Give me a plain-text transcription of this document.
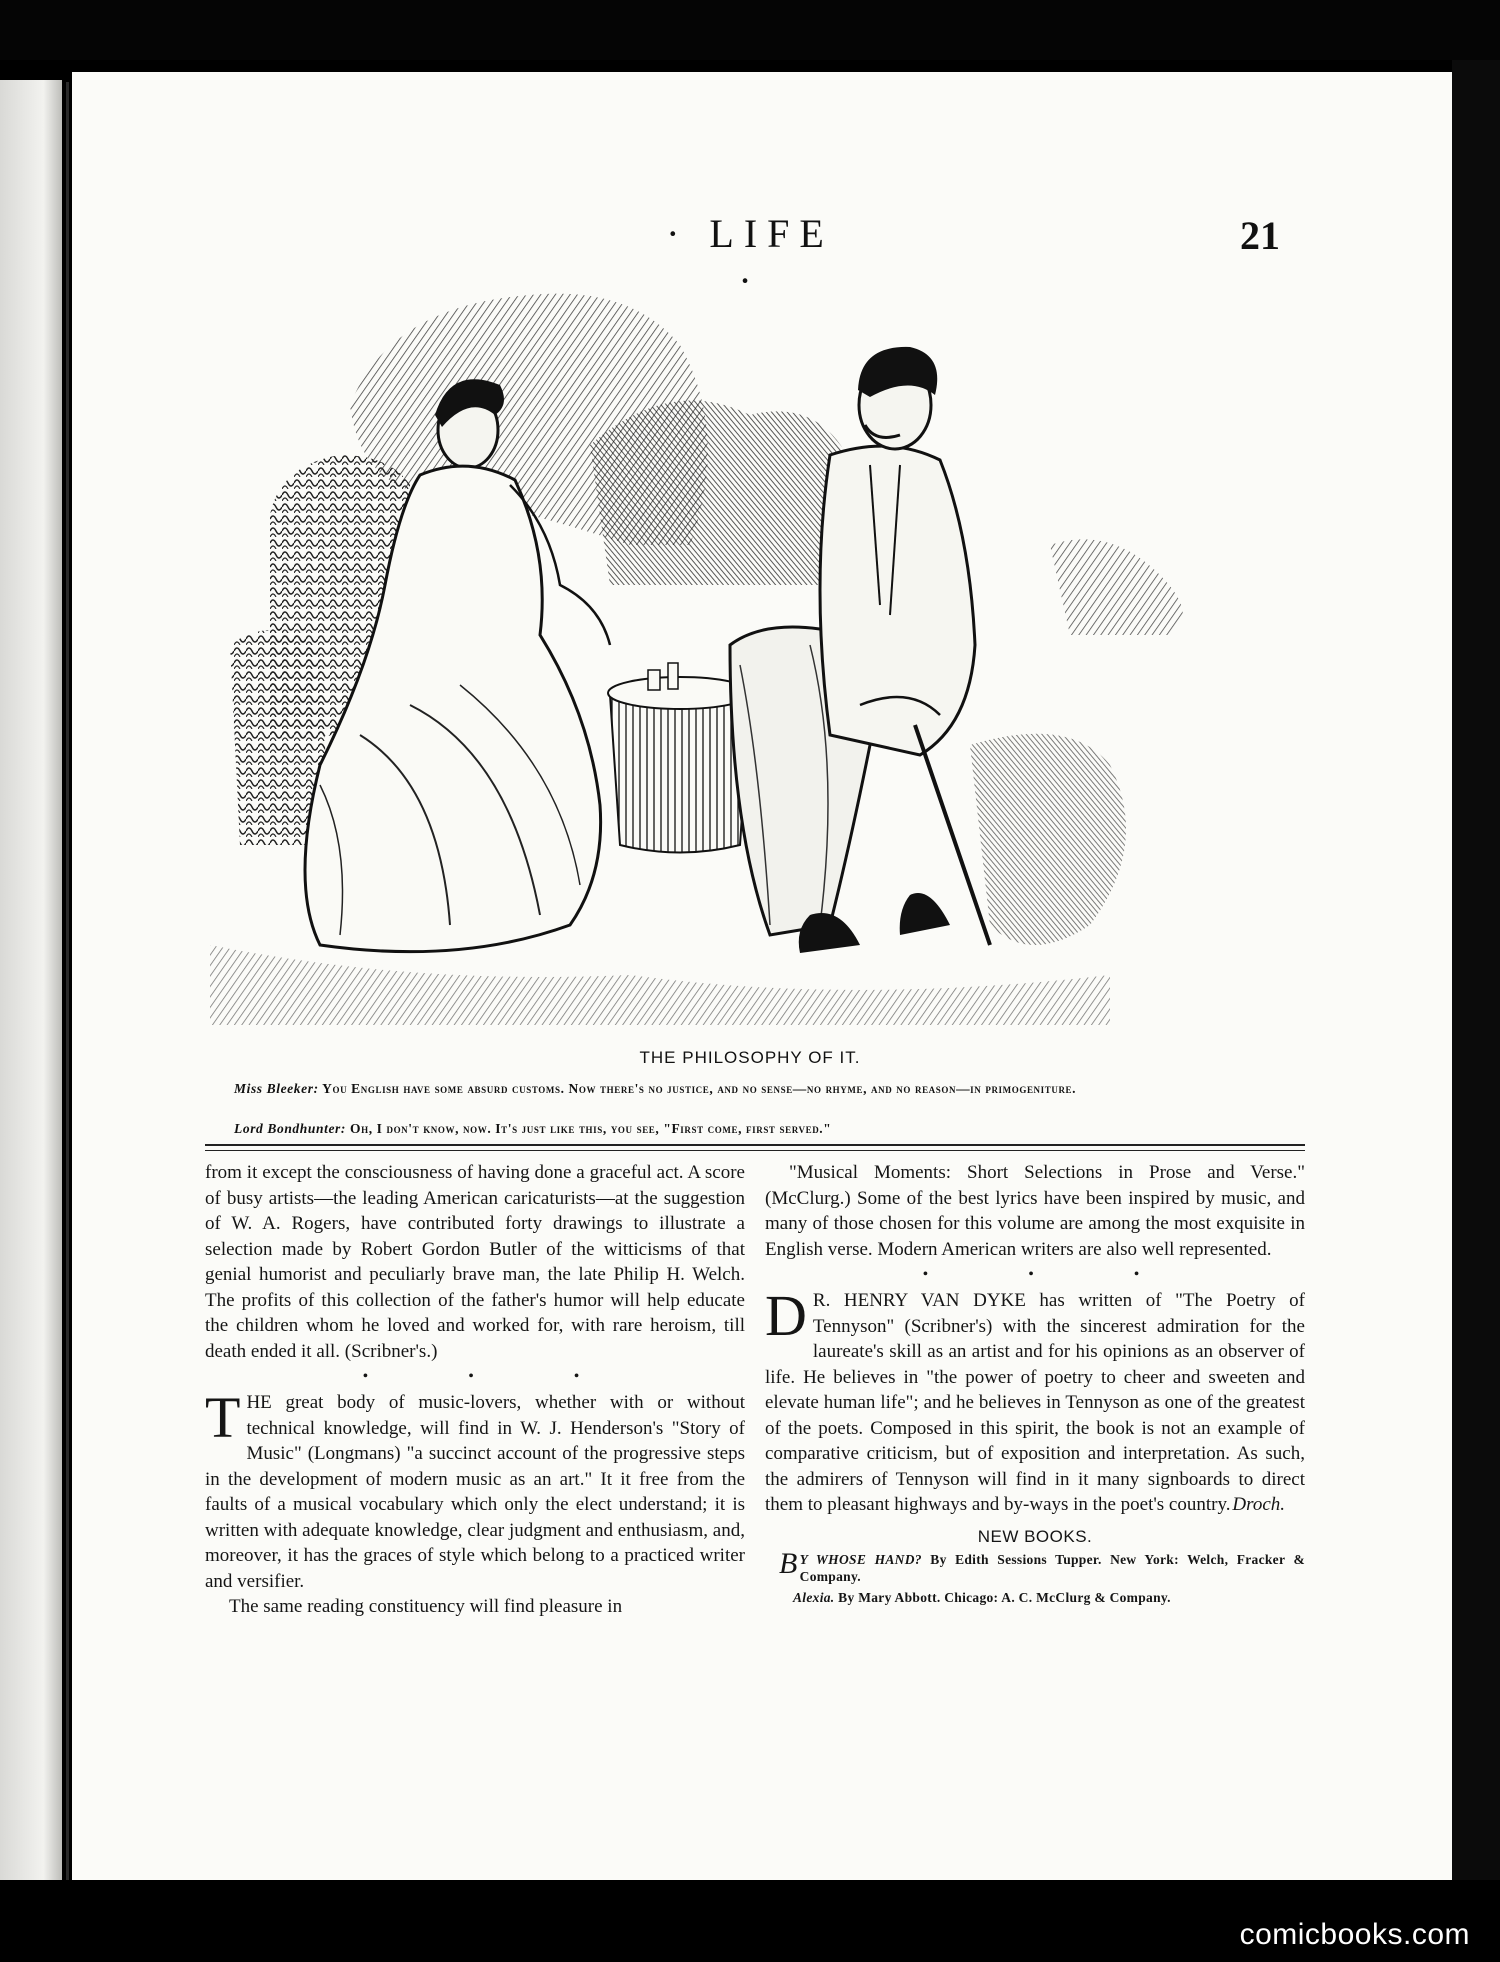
· LIFE ·
21
THE PHILOSOPHY OF IT.
Miss Bleeker: You English have some absurd customs. Now there's no justice, and no sense—no rhyme, and no reason—in primogeniture.
Lord Bondhunter: Oh, I don't know, now. It's just like this, you see, "First come, first served."

from it except the consciousness of having done a graceful act. A score of busy artists—the leading American caricaturists—at the suggestion of W. A. Rogers, have contributed forty drawings to illustrate a selection made by Robert Gordon Butler of the witticisms of that genial humorist and peculiarly brave man, the late Philip H. Welch. The profits of this collection of the father's humor will help educate the children whom he loved and worked for, with rare heroism, till death ended it all. (Scribner's.)

• • •

THE great body of music-lovers, whether with or without technical knowledge, will find in W. J. Henderson's "Story of Music" (Longmans) "a succinct account of the progressive steps in the development of modern music as an art." It it free from the faults of a musical vocabulary which only the elect understand; it is written with adequate knowledge, clear judgment and enthusiasm, and, moreover, it has the graces of style which belong to a practiced writer and versifier.

The same reading constituency will find pleasure in

"Musical Moments: Short Selections in Prose and Verse." (McClurg.) Some of the best lyrics have been inspired by music, and many of those chosen for this volume are among the most exquisite in English verse. Modern American writers are also well represented.

• • •

D R. HENRY VAN DYKE has written of "The Poetry of Tennyson" (Scribner's) with the sincerest admiration for the laureate's skill as an artist and for his opinions as an observer of life. He believes in "the power of poetry to cheer and sweeten and elevate human life"; and he believes in Tennyson as one of the greatest of the poets. Composed in this spirit, the book is not an example of comparative criticism, but of exposition and interpretation. As such, the admirers of Tennyson will find in it many signboards to direct them to pleasant highways and by-ways in the poet's country. Droch.

NEW BOOKS.
B Y WHOSE HAND? By Edith Sessions Tupper. New York: Welch, Fracker & Company.
Alexia. By Mary Abbott. Chicago: A. C. McClurg & Company.
comicbooks.com
